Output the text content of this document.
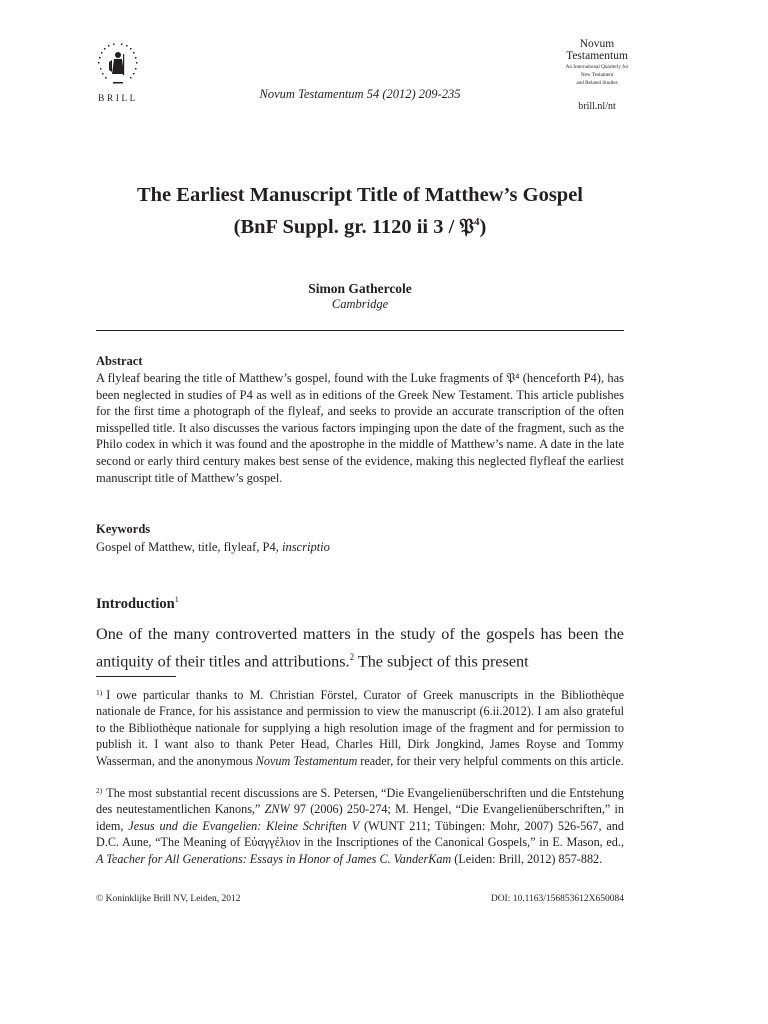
BRILL	Novum Testamentum 54 (2012) 209-235
Novum
Testamentum
An International Quarterly for
New Testament
and Related Studies
brill.nl/nt
The Earliest Manuscript Title of Matthew’s Gospel
(BnF Suppl. gr. 1120 ii 3 / 𝔓$^4$)
Simon Gathercole
Cambridge
Abstract
A flyleaf bearing the title of Matthew’s gospel, found with the Luke fragments of 𝔓⁴ (henceforth P4), has been neglected in studies of P4 as well as in editions of the Greek New Testament. This article publishes for the first time a photograph of the flyleaf, and seeks to provide an accurate transcription of the often misspelled title. It also discusses the various factors impinging upon the date of the fragment, such as the Philo codex in which it was found and the apostrophe in the middle of Matthew’s name. A date in the late second or early third century makes best sense of the evidence, making this neglected flyfleaf the earliest manuscript title of Matthew’s gospel.
Keywords
Gospel of Matthew, title, flyleaf, P4, inscriptio
Introduction$^1$
One of the many controverted matters in the study of the gospels has been the antiquity of their titles and attributions.$^2$ The subject of this present
$^{1)}$ I owe particular thanks to M. Christian Förstel, Curator of Greek manuscripts in the Bibliothèque nationale de France, for his assistance and permission to view the manuscript (6.ii.2012). I am also grateful to the Bibliothèque nationale for supplying a high resolution image of the fragment and for permission to publish it. I want also to thank Peter Head, Charles Hill, Dirk Jongkind, James Royse and Tommy Wasserman, and the anonymous Novum Testamentum reader, for their very helpful comments on this article.
$^{2)}$ The most substantial recent discussions are S. Petersen, “Die Evangelienüberschriften und die Entstehung des neutestamentlichen Kanons,” ZNW 97 (2006) 250-274; M. Hengel, “Die Evangelienüberschriften,” in idem, Jesus und die Evangelien: Kleine Schriften V (WUNT 211; Tübingen: Mohr, 2007) 526-567, and D.C. Aune, “The Meaning of Εὐαγγέλιον in the Inscriptiones of the Canonical Gospels,” in E. Mason, ed., A Teacher for All Generations: Essays in Honor of James C. VanderKam (Leiden: Brill, 2012) 857-882.
© Koninklijke Brill NV, Leiden, 2012	DOI: 10.1163/156853612X650084
